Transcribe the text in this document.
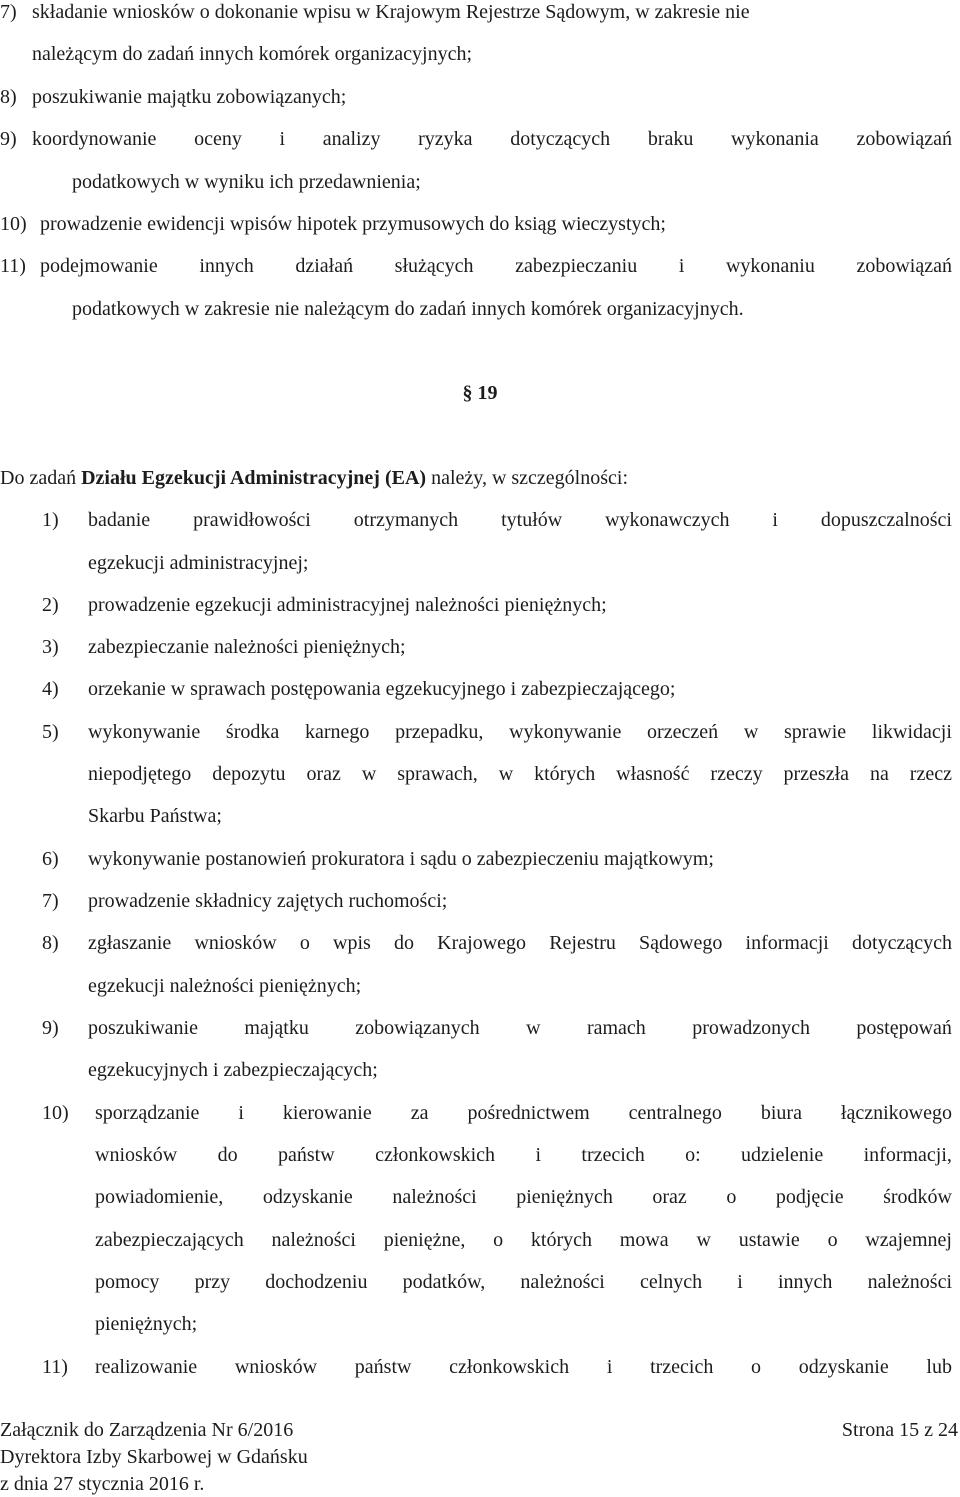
7) składanie wniosków o dokonanie wpisu w Krajowym Rejestrze Sądowym, w zakresie nie
należącym do zadań innych komórek organizacyjnych;
8) poszukiwanie majątku zobowiązanych;
9) koordynowanie oceny i analizy ryzyka dotyczących braku wykonania zobowiązań
podatkowych w wyniku ich przedawnienia;
10) prowadzenie ewidencji wpisów hipotek przymusowych do ksiąg wieczystych;
11) podejmowanie innych działań służących zabezpieczaniu i wykonaniu zobowiązań
podatkowych w zakresie nie należącym do zadań innych komórek organizacyjnych.
§ 19
Do zadań Działu Egzekucji Administracyjnej (EA) należy, w szczególności:
1) badanie prawidłowości otrzymanych tytułów wykonawczych i dopuszczalności
egzekucji administracyjnej;
2) prowadzenie egzekucji administracyjnej należności pieniężnych;
3) zabezpieczanie należności pieniężnych;
4) orzekanie w sprawach postępowania egzekucyjnego i zabezpieczającego;
5) wykonywanie środka karnego przepadku, wykonywanie orzeczeń w sprawie likwidacji
niepodjętego depozytu oraz w sprawach, w których własność rzeczy przeszła na rzecz
Skarbu Państwa;
6) wykonywanie postanowień prokuratora i sądu o zabezpieczeniu majątkowym;
7) prowadzenie składnicy zajętych ruchomości;
8) zgłaszanie wniosków o wpis do Krajowego Rejestru Sądowego informacji dotyczących
egzekucji należności pieniężnych;
9) poszukiwanie majątku zobowiązanych w ramach prowadzonych postępowań
egzekucyjnych i zabezpieczających;
10) sporządzanie i kierowanie za pośrednictwem centralnego biura łącznikowego
wniosków do państw członkowskich i trzecich o: udzielenie informacji,
powiadomienie, odzyskanie należności pieniężnych oraz o podjęcie środków
zabezpieczających należności pieniężne, o których mowa w ustawie o wzajemnej
pomocy przy dochodzeniu podatków, należności celnych i innych należności
pieniężnych;
11) realizowanie wniosków państw członkowskich i trzecich o odzyskanie lub
Załącznik do Zarządzenia Nr 6/2016
Dyrektora Izby Skarbowej w Gdańsku
z dnia 27 stycznia 2016 r.
Strona 15 z 24
